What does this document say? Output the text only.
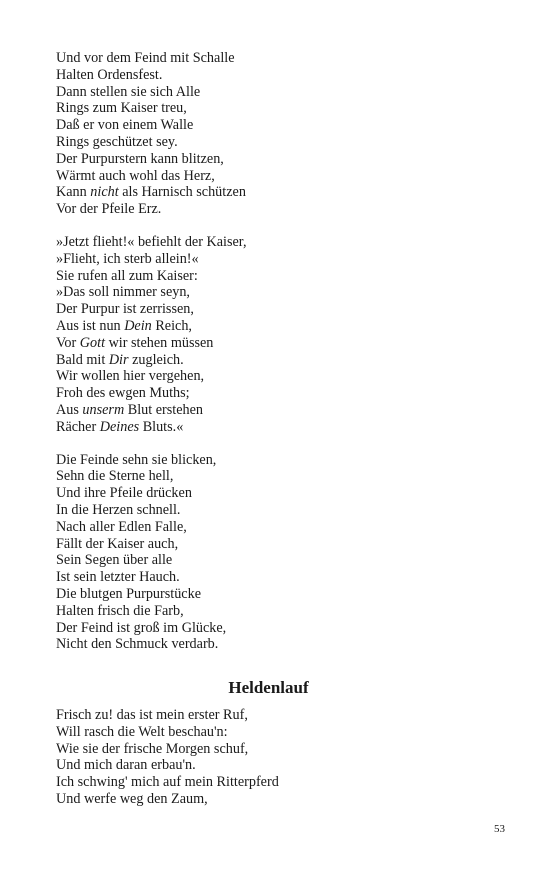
Und vor dem Feind mit Schalle
Halten Ordensfest.
Dann stellen sie sich Alle
Rings zum Kaiser treu,
Daß er von einem Walle
Rings geschützet sey.
Der Purpurstern kann blitzen,
Wärmt auch wohl das Herz,
Kann nicht als Harnisch schützen
Vor der Pfeile Erz.
»Jetzt flieht!« befiehlt der Kaiser,
»Flieht, ich sterb allein!«
Sie rufen all zum Kaiser:
»Das soll nimmer seyn,
Der Purpur ist zerrissen,
Aus ist nun Dein Reich,
Vor Gott wir stehen müssen
Bald mit Dir zugleich.
Wir wollen hier vergehen,
Froh des ewgen Muths;
Aus unserm Blut erstehen
Rächer Deines Bluts.«
Die Feinde sehn sie blicken,
Sehn die Sterne hell,
Und ihre Pfeile drücken
In die Herzen schnell.
Nach aller Edlen Falle,
Fällt der Kaiser auch,
Sein Segen über alle
Ist sein letzter Hauch.
Die blutgen Purpurstücke
Halten frisch die Farb,
Der Feind ist groß im Glücke,
Nicht den Schmuck verdarb.
Heldenlauf
Frisch zu! das ist mein erster Ruf,
Will rasch die Welt beschau'n:
Wie sie der frische Morgen schuf,
Und mich daran erbau'n.
Ich schwing' mich auf mein Ritterpferd
Und werfe weg den Zaum,
53
